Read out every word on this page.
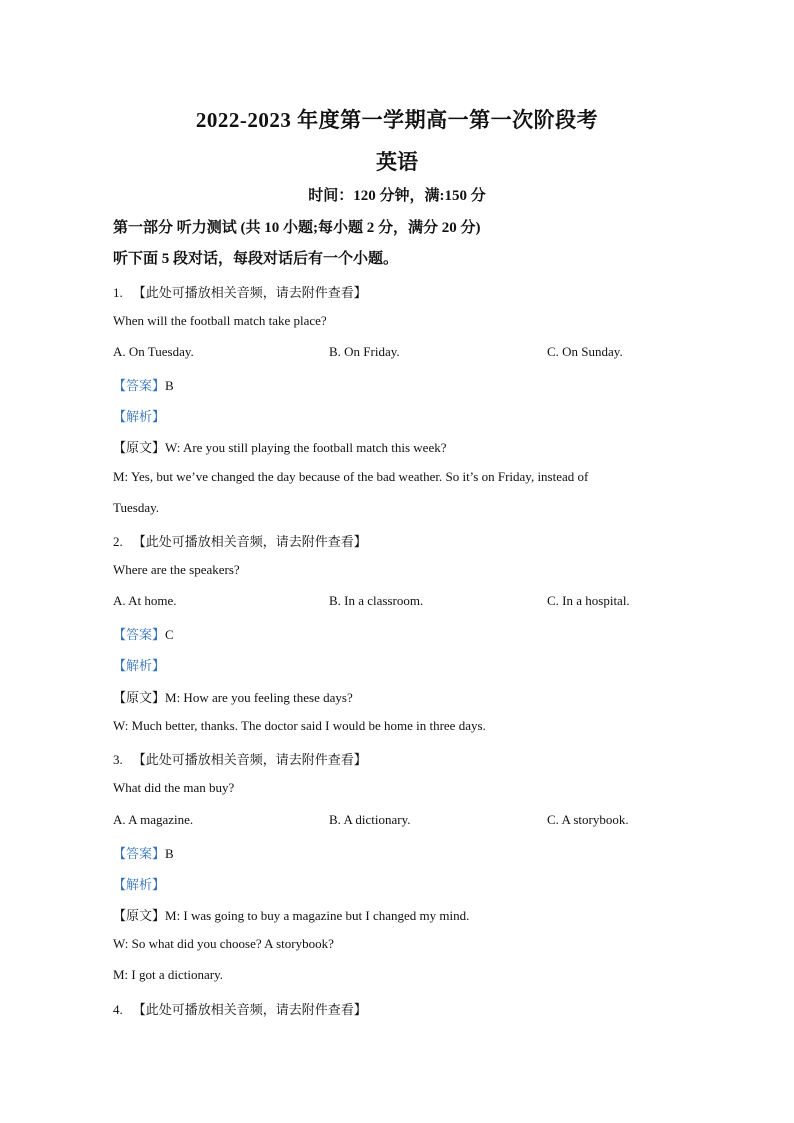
2022-2023 年度第一学期高一第一次阶段考
英语
时间：120 分钟，满:150 分
第一部分 听力测试 (共 10 小题;每小题 2 分，满分 20 分)
听下面 5 段对话，每段对话后有一个小题。
1. 【此处可播放相关音频，请去附件查看】
When will the football match take place?
A. On Tuesday.	B. On Friday.	C. On Sunday.
【答案】B
【解析】
【原文】W: Are you still playing the football match this week?
M: Yes, but we’ve changed the day because of the bad weather. So it’s on Friday, instead of
Tuesday.
2. 【此处可播放相关音频，请去附件查看】
Where are the speakers?
A. At home.	B. In a classroom.	C. In a hospital.
【答案】C
【解析】
【原文】M: How are you feeling these days?
W: Much better, thanks. The doctor said I would be home in three days.
3. 【此处可播放相关音频，请去附件查看】
What did the man buy?
A. A magazine.	B. A dictionary.	C. A storybook.
【答案】B
【解析】
【原文】M: I was going to buy a magazine but I changed my mind.
W: So what did you choose? A storybook?
M: I got a dictionary.
4. 【此处可播放相关音频，请去附件查看】
